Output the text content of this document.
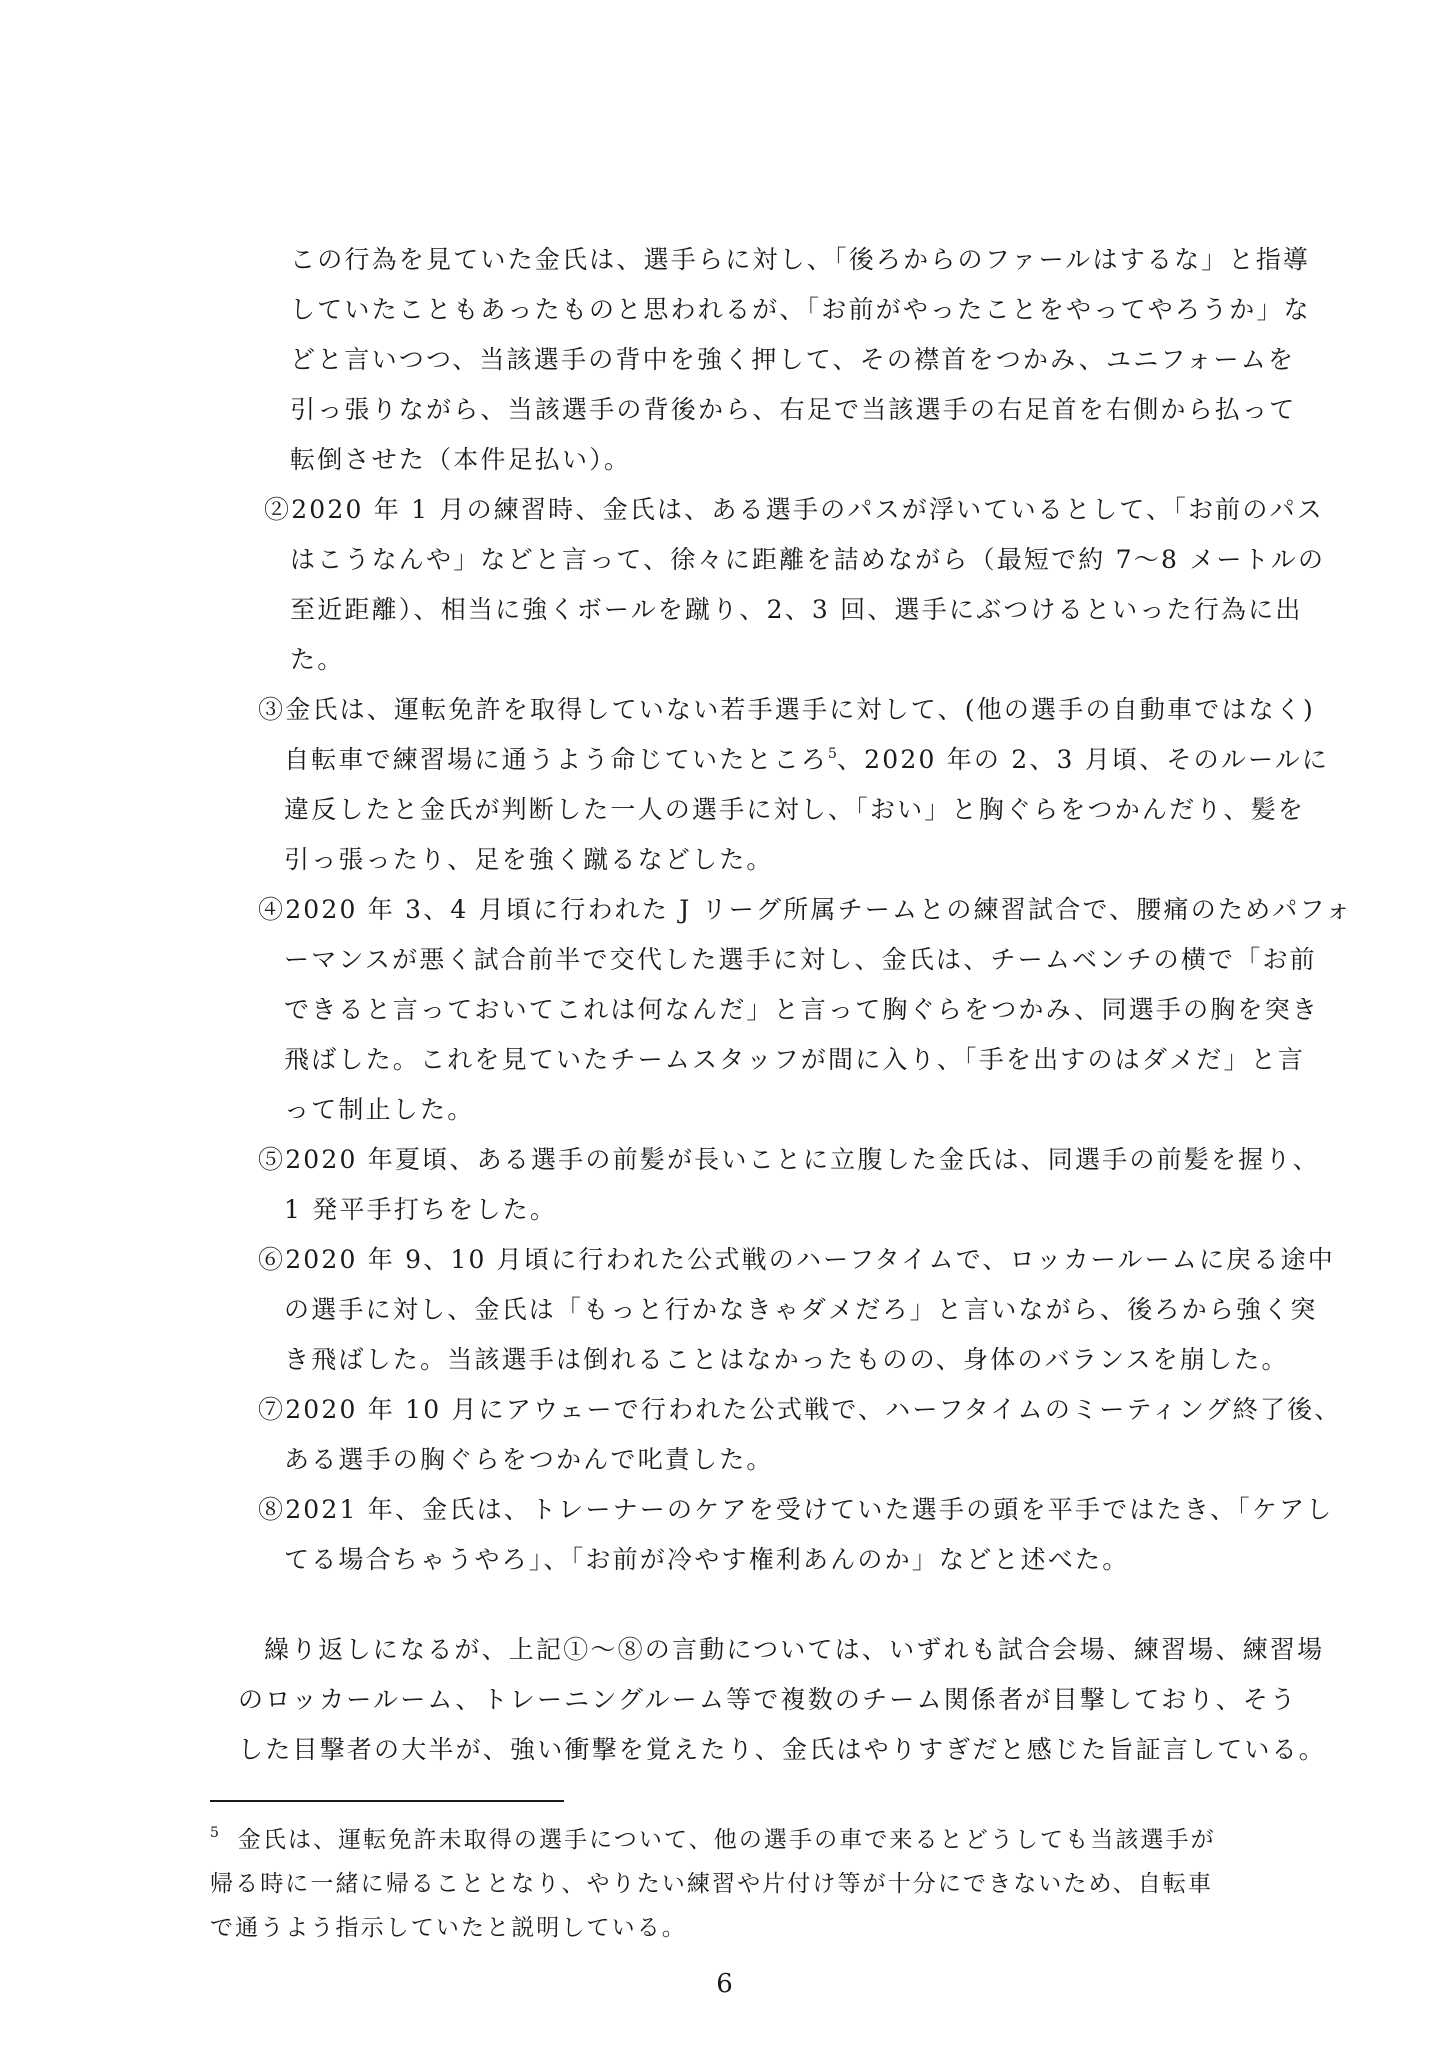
この行為を見ていた金氏は、選手らに対し、「後ろからのファールはするな」と指導
していたこともあったものと思われるが、「お前がやったことをやってやろうか」な
どと言いつつ、当該選手の背中を強く押して、その襟首をつかみ、ユニフォームを
引っ張りながら、当該選手の背後から、右足で当該選手の右足首を右側から払って
転倒させた（本件足払い）。
②2020 年 1 月の練習時、金氏は、ある選手のパスが浮いているとして、「お前のパス
はこうなんや」などと言って、徐々に距離を詰めながら（最短で約 7〜8 メートルの
至近距離）、相当に強くボールを蹴り、2、3 回、選手にぶつけるといった行為に出
た。
③金氏は、運転免許を取得していない若手選手に対して、(他の選手の自動車ではなく)
自転車で練習場に通うよう命じていたところ$^5$、2020 年の 2、3 月頃、そのルールに
違反したと金氏が判断した一人の選手に対し、「おい」と胸ぐらをつかんだり、髪を
引っ張ったり、足を強く蹴るなどした。
④2020 年 3、4 月頃に行われた J リーグ所属チームとの練習試合で、腰痛のためパフォ
ーマンスが悪く試合前半で交代した選手に対し、金氏は、チームベンチの横で「お前
できると言っておいてこれは何なんだ」と言って胸ぐらをつかみ、同選手の胸を突き
飛ばした。これを見ていたチームスタッフが間に入り、「手を出すのはダメだ」と言
って制止した。
⑤2020 年夏頃、ある選手の前髪が長いことに立腹した金氏は、同選手の前髪を握り、
1 発平手打ちをした。
⑥2020 年 9、10 月頃に行われた公式戦のハーフタイムで、ロッカールームに戻る途中
の選手に対し、金氏は「もっと行かなきゃダメだろ」と言いながら、後ろから強く突
き飛ばした。当該選手は倒れることはなかったものの、身体のバランスを崩した。
⑦2020 年 10 月にアウェーで行われた公式戦で、ハーフタイムのミーティング終了後、
ある選手の胸ぐらをつかんで叱責した。
⑧2021 年、金氏は、トレーナーのケアを受けていた選手の頭を平手ではたき、「ケアし
てる場合ちゃうやろ」、「お前が冷やす権利あんのか」などと述べた。
繰り返しになるが、上記①〜⑧の言動については、いずれも試合会場、練習場、練習場
のロッカールーム、トレーニングルーム等で複数のチーム関係者が目撃しており、そう
した目撃者の大半が、強い衝撃を覚えたり、金氏はやりすぎだと感じた旨証言している。
$^5$ 金氏は、運転免許未取得の選手について、他の選手の車で来るとどうしても当該選手が
帰る時に一緒に帰ることとなり、やりたい練習や片付け等が十分にできないため、自転車
で通うよう指示していたと説明している。
6
